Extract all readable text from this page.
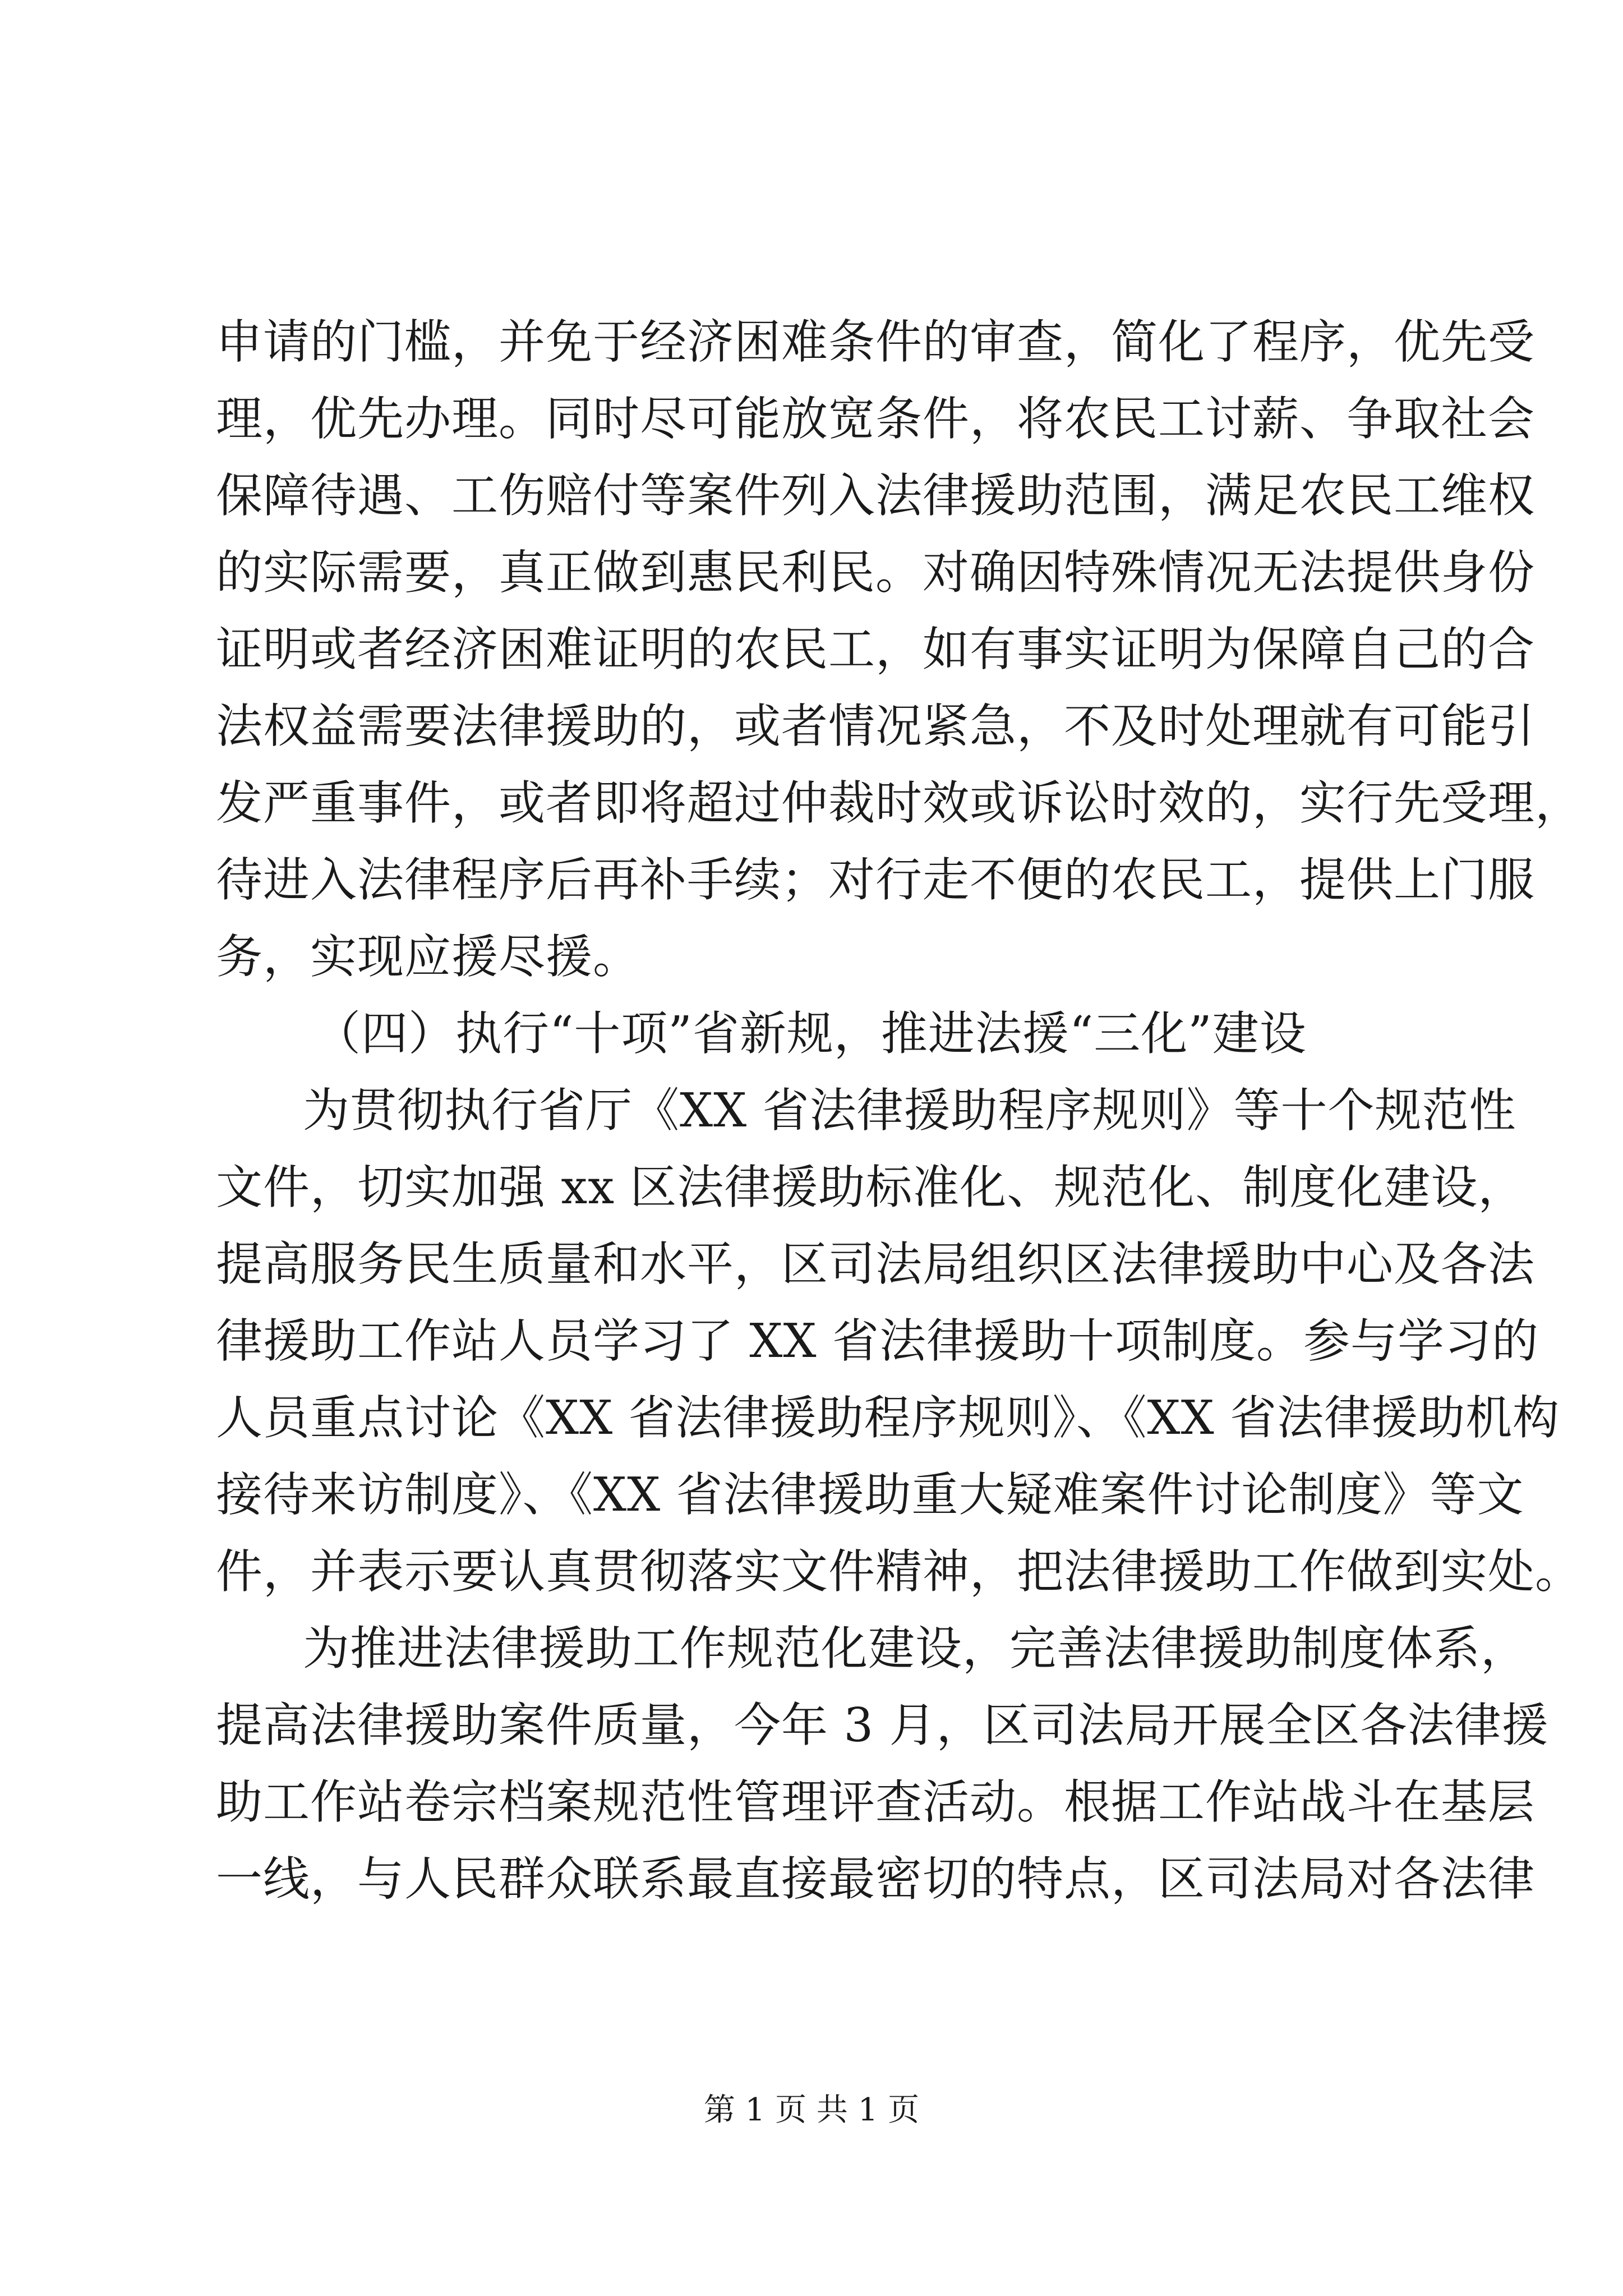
申请的门槛，并免于经济困难条件的审查，简化了程序，优先受
理，优先办理。同时尽可能放宽条件，将农民工讨薪、争取社会
保障待遇、工伤赔付等案件列入法律援助范围，满足农民工维权
的实际需要，真正做到惠民利民。对确因特殊情况无法提供身份
证明或者经济困难证明的农民工，如有事实证明为保障自己的合
法权益需要法律援助的，或者情况紧急，不及时处理就有可能引
发严重事件，或者即将超过仲裁时效或诉讼时效的，实行先受理，
待进入法律程序后再补手续；对行走不便的农民工，提供上门服
务，实现应援尽援。
（四）执行“十项”省新规，推进法援“三化”建设
为贯彻执行省厅《XX 省法律援助程序规则》等十个规范性
文件，切实加强 xx 区法律援助标准化、规范化、制度化建设，
提高服务民生质量和水平，区司法局组织区法律援助中心及各法
律援助工作站人员学习了 XX 省法律援助十项制度。参与学习的
人员重点讨论《XX 省法律援助程序规则》、《XX 省法律援助机构
接待来访制度》、《XX 省法律援助重大疑难案件讨论制度》等文
件，并表示要认真贯彻落实文件精神，把法律援助工作做到实处。
为推进法律援助工作规范化建设，完善法律援助制度体系，
提高法律援助案件质量，今年 3 月，区司法局开展全区各法律援
助工作站卷宗档案规范性管理评查活动。根据工作站战斗在基层
一线，与人民群众联系最直接最密切的特点，区司法局对各法律
第 1 页 共 1 页
